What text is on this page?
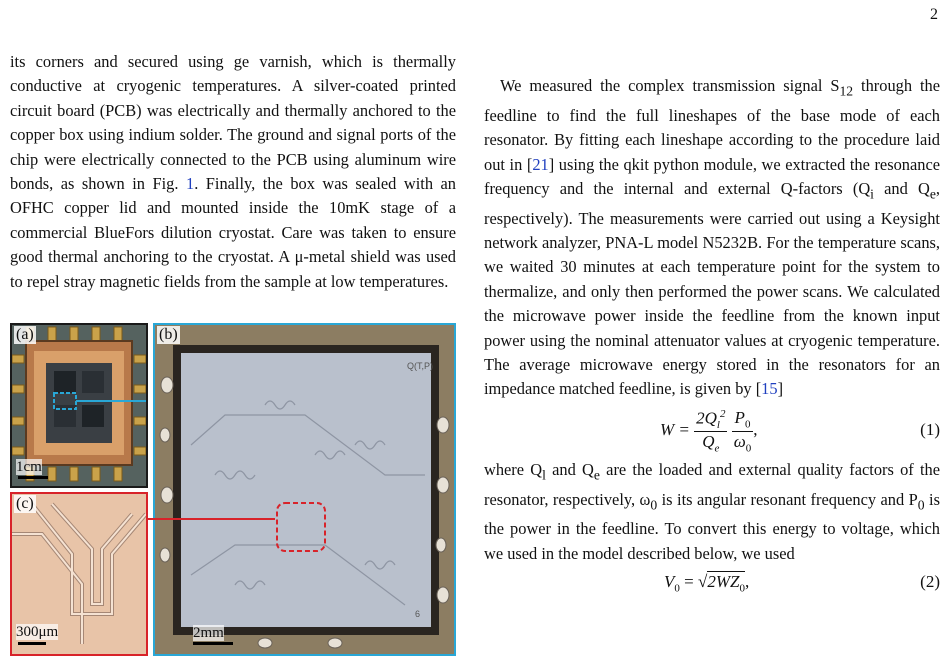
2

its corners and secured using ge varnish, which is thermally conductive at cryogenic temperatures. A silver-coated printed circuit board (PCB) was electrically and thermally anchored to the copper box using indium solder. The ground and signal ports of the chip were electrically connected to the PCB using aluminum wire bonds, as shown in Fig. 1. Finally, the box was sealed with an OFHC copper lid and mounted inside the 10mK stage of a commercial BlueFors dilution cryostat. Care was taken to ensure good thermal anchoring to the cryostat. A μ-metal shield was used to repel stray magnetic fields from the sample at low temperatures.

(a)
1cm
Q(T,P)
6
(b)
2mm
(c)
300μm

We measured the complex transmission signal $S_{12}$ through the feedline to find the full lineshapes of the base mode of each resonator. By fitting each lineshape according to the procedure laid out in [21] using the qkit python module, we extracted the resonance frequency and the internal and external Q-factors ($Q_i$ and $Q_e$, respectively). The measurements were carried out using a Keysight network analyzer, PNA-L model N5232B. For the temperature scans, we waited 30 minutes at each temperature point for the system to thermalize, and only then performed the power scans. We calculated the microwave power inside the feedline from the known input power using the nominal attenuator values at cryogenic temperature. The average microwave energy stored in the resonators for an impedance matched feedline, is given by [15]

$W = \frac{2Q_l^2}{Q_e}$
$\frac{P_0}{\omega_0}$ ,	(1)

where $Q_l$ and $Q_e$ are the loaded and external quality factors of the resonator, respectively, $\omega_0$ is its angular resonant frequency and $P_0$ is the power in the feedline. To convert this energy to voltage, which we used in the model described below, we used

$V_0 = √2WZ_0$,	(2)
